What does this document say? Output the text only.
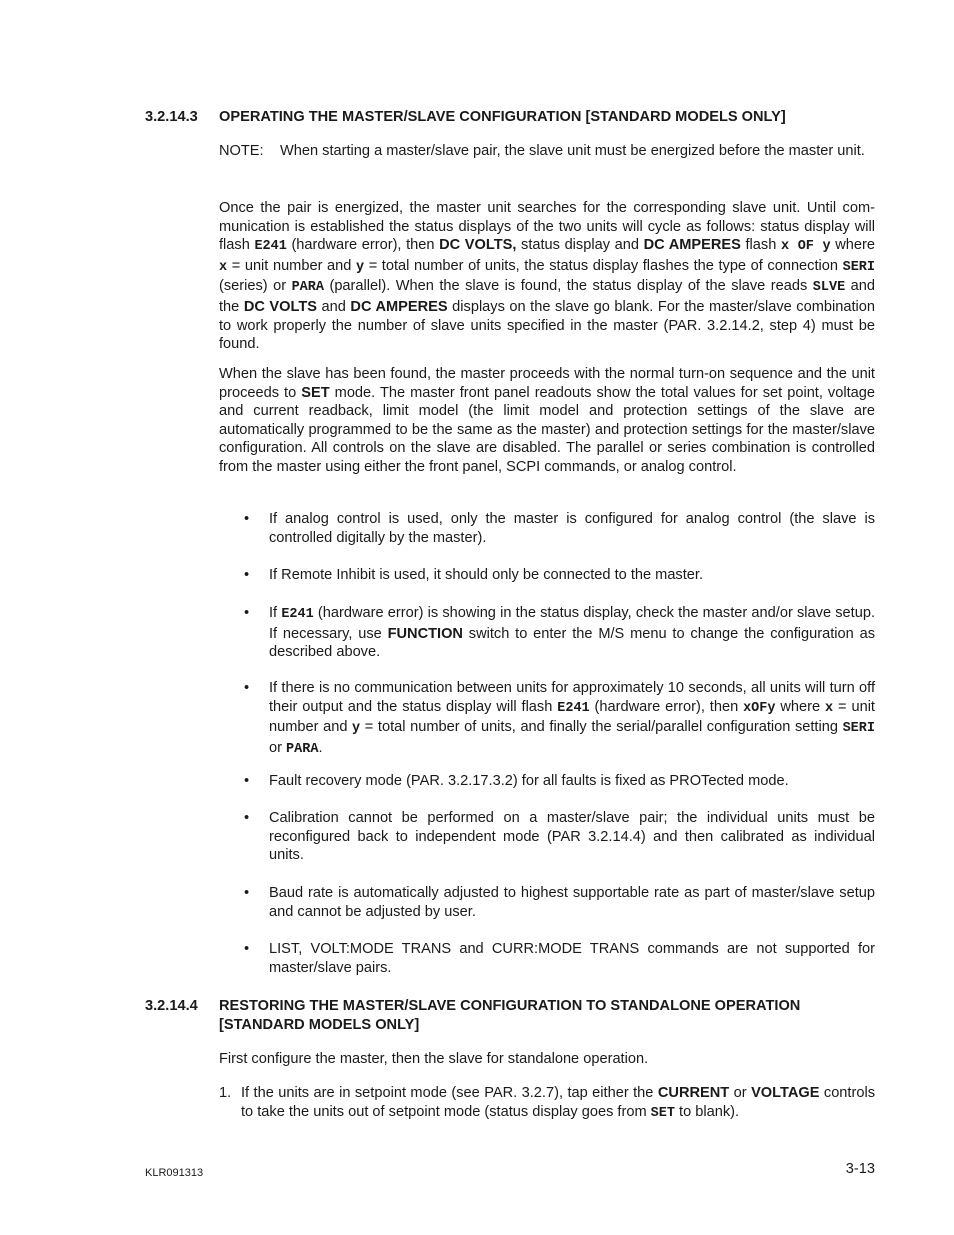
3.2.14.3 OPERATING THE MASTER/SLAVE CONFIGURATION [STANDARD MODELS ONLY]
NOTE: When starting a master/slave pair, the slave unit must be energized before the master unit.

Once the pair is energized, the master unit searches for the corresponding slave unit. Until communication is established the status displays of the two units will cycle as follows: status display will flash E241 (hardware error), then DC VOLTS, status display and DC AMPERES flash x OF y where x = unit number and y = total number of units, the status display flashes the type of connection SERI (series) or PARA (parallel). When the slave is found, the status display of the slave reads SLVE and the DC VOLTS and DC AMPERES displays on the slave go blank. For the master/slave combination to work properly the number of slave units specified in the master (PAR. 3.2.14.2, step 4) must be found.

When the slave has been found, the master proceeds with the normal turn-on sequence and the unit proceeds to SET mode. The master front panel readouts show the total values for set point, voltage and current readback, limit model (the limit model and protection settings of the slave are automatically programmed to be the same as the master) and protection settings for the master/slave configuration. All controls on the slave are disabled. The parallel or series combination is controlled from the master using either the front panel, SCPI commands, or analog control.

• If analog control is used, only the master is configured for analog control (the slave is controlled digitally by the master).
• If Remote Inhibit is used, it should only be connected to the master.
• If E241 (hardware error) is showing in the status display, check the master and/or slave setup. If necessary, use FUNCTION switch to enter the M/S menu to change the configuration as described above.
• If there is no communication between units for approximately 10 seconds, all units will turn off their output and the status display will flash E241 (hardware error), then xOFy where x = unit number and y = total number of units, and finally the serial/parallel configuration setting SERI or PARA.
• Fault recovery mode (PAR. 3.2.17.3.2) for all faults is fixed as PROTected mode.
• Calibration cannot be performed on a master/slave pair; the individual units must be reconfigured back to independent mode (PAR 3.2.14.4) and then calibrated as individual units.
• Baud rate is automatically adjusted to highest supportable rate as part of master/slave setup and cannot be adjusted by user.
• LIST, VOLT:MODE TRANS and CURR:MODE TRANS commands are not supported for master/slave pairs.
3.2.14.4 RESTORING THE MASTER/SLAVE CONFIGURATION TO STANDALONE OPERATION [STANDARD MODELS ONLY]
First configure the master, then the slave for standalone operation.
1. If the units are in setpoint mode (see PAR. 3.2.7), tap either the CURRENT or VOLTAGE controls to take the units out of setpoint mode (status display goes from SET to blank).
KLR091313	3-13
